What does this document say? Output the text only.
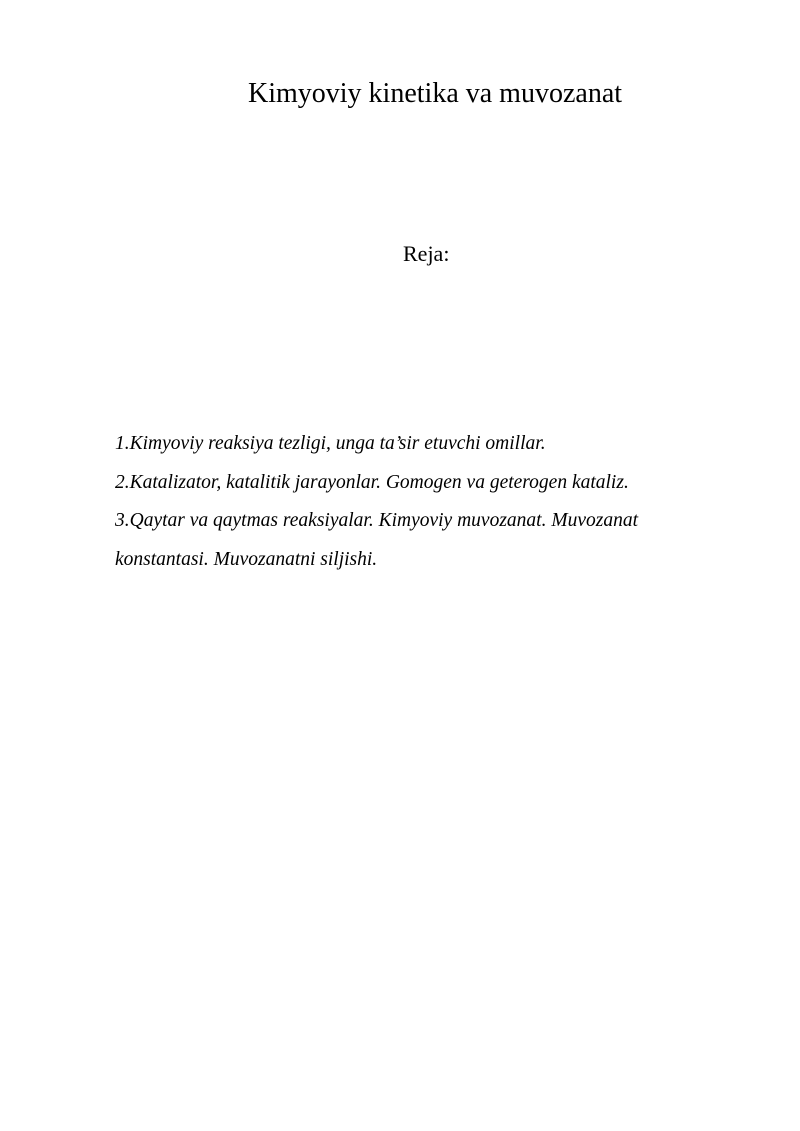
Kimyoviy kinetika va muvozanat

Reja:

1.Kimyoviy reaksiya tezligi, unga ta’sir etuvchi omillar.
2.Katalizator, katalitik jarayonlar. Gomogen va geterogen kataliz.
3.Qaytar va qaytmas reaksiyalar. Kimyoviy muvozanat. Muvozanat konstantasi. Muvozanatni siljishi.
